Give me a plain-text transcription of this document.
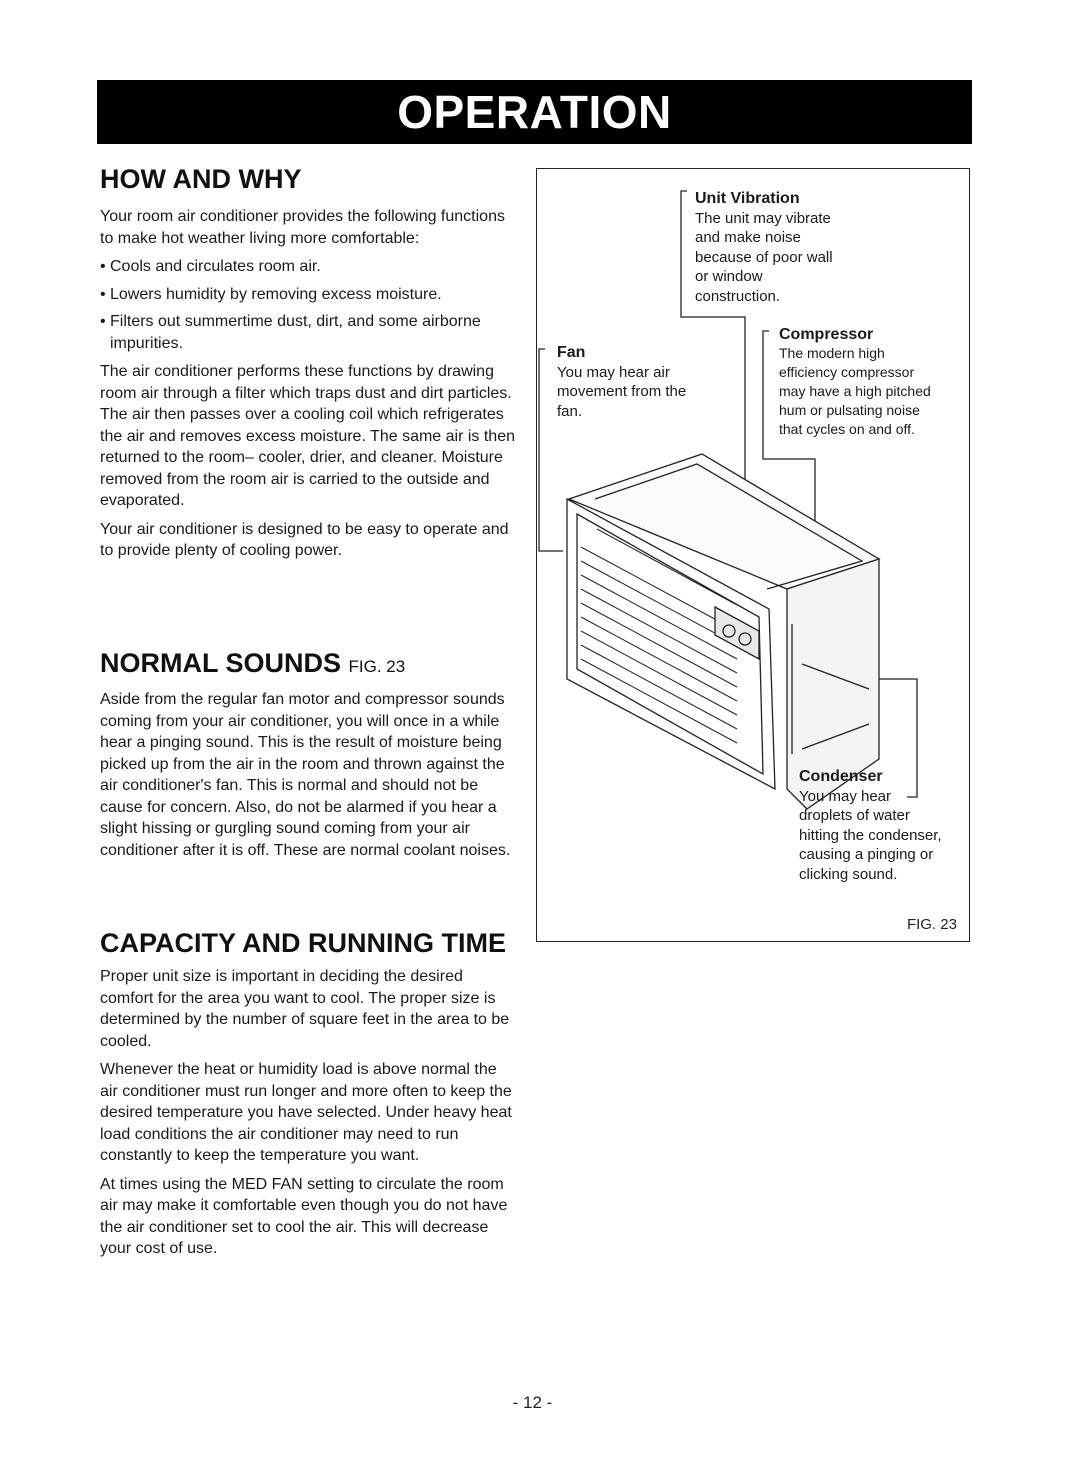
OPERATION
HOW AND WHY

Your room air conditioner provides the following functions to make hot weather living more comfortable:

• Cools and circulates room air.
• Lowers humidity by removing excess moisture.
• Filters out summertime dust, dirt, and some airborne impurities.

The air conditioner performs these functions by drawing room air through a filter which traps dust and dirt particles. The air then passes over a cooling coil which refrigerates the air and removes excess moisture. The same air is then returned to the room– cooler, drier, and cleaner. Moisture removed from the room air is carried to the outside and evaporated.

Your air conditioner is designed to be easy to operate and to provide plenty of cooling power.

NORMAL SOUNDS FIG. 23

Aside from the regular fan motor and compressor sounds coming from your air conditioner, you will once in a while hear a pinging sound. This is the result of moisture being picked up from the air in the room and thrown against the air conditioner's fan. This is normal and should not be cause for concern. Also, do not be alarmed if you hear a slight hissing or gurgling sound coming from your air conditioner after it is off. These are normal coolant noises.

CAPACITY AND RUNNING TIME

Proper unit size is important in deciding the desired comfort for the area you want to cool. The proper size is determined by the number of square feet in the area to be cooled.

Whenever the heat or humidity load is above normal the air conditioner must run longer and more often to keep the desired temperature you have selected. Under heavy heat load conditions the air conditioner may need to run constantly to keep the temperature you want.

At times using the MED FAN setting to circulate the room air may make it comfortable even though you do not have the air conditioner set to cool the air. This will decrease your cost of use.

Unit Vibration
The unit may vibrate
and make noise
because of poor wall
or window
construction.
Compressor
The modern high
efficiency compressor
may have a high pitched
hum or pulsating noise
that cycles on and off.
Fan
You may hear air
movement from the
fan.
Condenser
You may hear
droplets of water
hitting the condenser,
causing a pinging or
clicking sound.
FIG. 23
- 12 -
